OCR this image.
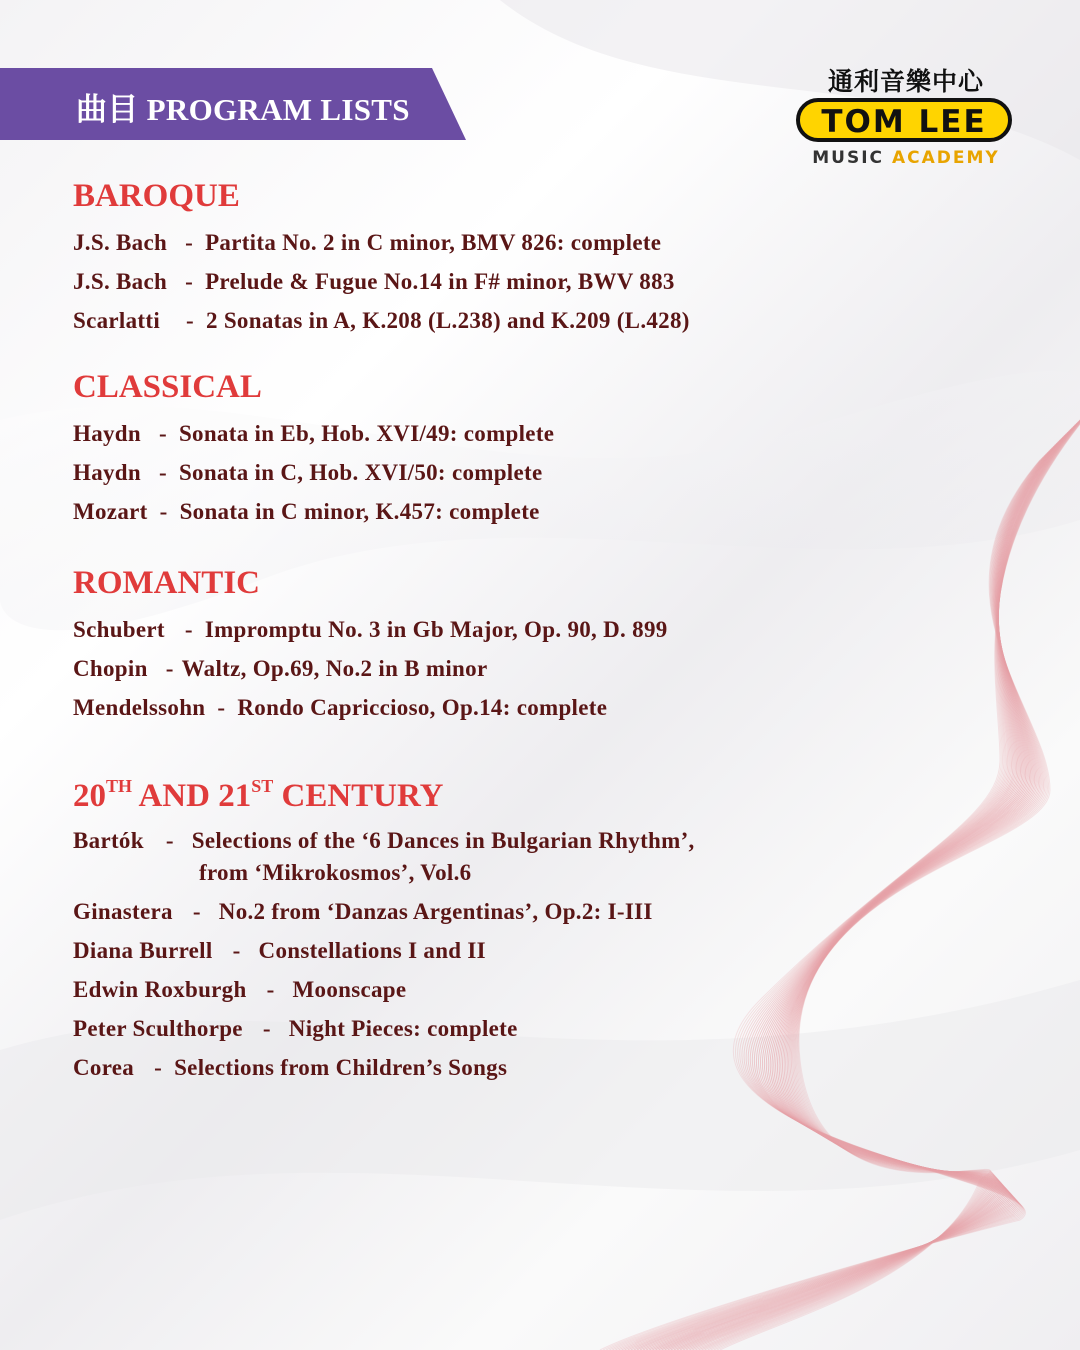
曲目 PROGRAM LISTS
通利音樂中心
TOM LEE
MUSIC ACADEMY
BAROQUE
J.S. Bach - Partita No. 2 in C minor, BMV 826: complete
J.S. Bach - Prelude & Fugue No.14 in F# minor, BWV 883
Scarlatti - 2 Sonatas in A, K.208 (L.238) and K.209 (L.428)
CLASSICAL
Haydn - Sonata in Eb, Hob. XVI/49: complete
Haydn - Sonata in C, Hob. XVI/50: complete
Mozart - Sonata in C minor, K.457: complete
ROMANTIC
Schubert - Impromptu No. 3 in Gb Major, Op. 90, D. 899
Chopin - Waltz, Op.69, No.2 in B minor
Mendelssohn - Rondo Capriccioso, Op.14: complete
20TH AND 21ST CENTURY
Bartók - Selections of the ‘6 Dances in Bulgarian Rhythm’,
from ‘Mikrokosmos’, Vol.6
Ginastera - No.2 from ‘Danzas Argentinas’, Op.2: I-III
Diana Burrell - Constellations I and II
Edwin Roxburgh - Moonscape
Peter Sculthorpe - Night Pieces: complete
Corea - Selections from Children’s Songs
